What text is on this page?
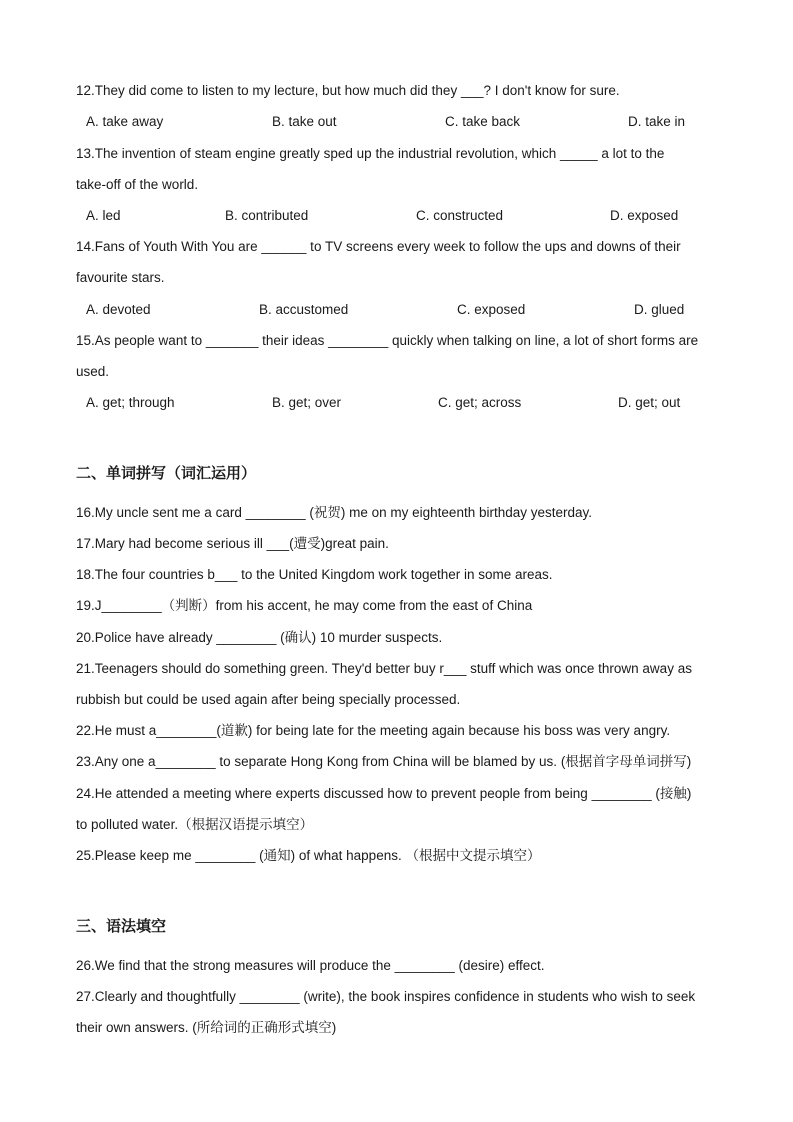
12.They did come to listen to my lecture, but how much did they ___? I don't know for sure.
A. take away	B. take out	C. take back	D. take in
13.The invention of steam engine greatly sped up the industrial revolution, which _____ a lot to the
take-off of the world.
A. led	B. contributed	C. constructed	D. exposed
14.Fans of Youth With You are ______ to TV screens every week to follow the ups and downs of their
favourite stars.
A. devoted	B. accustomed	C. exposed	D. glued
15.As people want to _______ their ideas ________ quickly when talking on line, a lot of short forms are
used.
A. get; through	B. get; over	C. get; across	D. get; out
二、单词拼写（词汇运用）
16.My uncle sent me a card ________ (祝贺) me on my eighteenth birthday yesterday.
17.Mary had become serious ill ___(遭受)great pain.
18.The four countries b___ to the United Kingdom work together in some areas.
19.J________（判断）from his accent, he may come from the east of China
20.Police have already ________ (确认) 10 murder suspects.
21.Teenagers should do something green. They'd better buy r___ stuff which was once thrown away as
rubbish but could be used again after being specially processed.
22.He must a________(道歉) for being late for the meeting again because his boss was very angry.
23.Any one a________ to separate Hong Kong from China will be blamed by us. (根据首字母单词拼写)
24.He attended a meeting where experts discussed how to prevent people from being ________ (接触)
to polluted water.（根据汉语提示填空）
25.Please keep me ________ (通知) of what happens. （根据中文提示填空）
三、语法填空
26.We find that the strong measures will produce the ________ (desire) effect.
27.Clearly and thoughtfully ________ (write), the book inspires confidence in students who wish to seek
their own answers. (所给词的正确形式填空)
